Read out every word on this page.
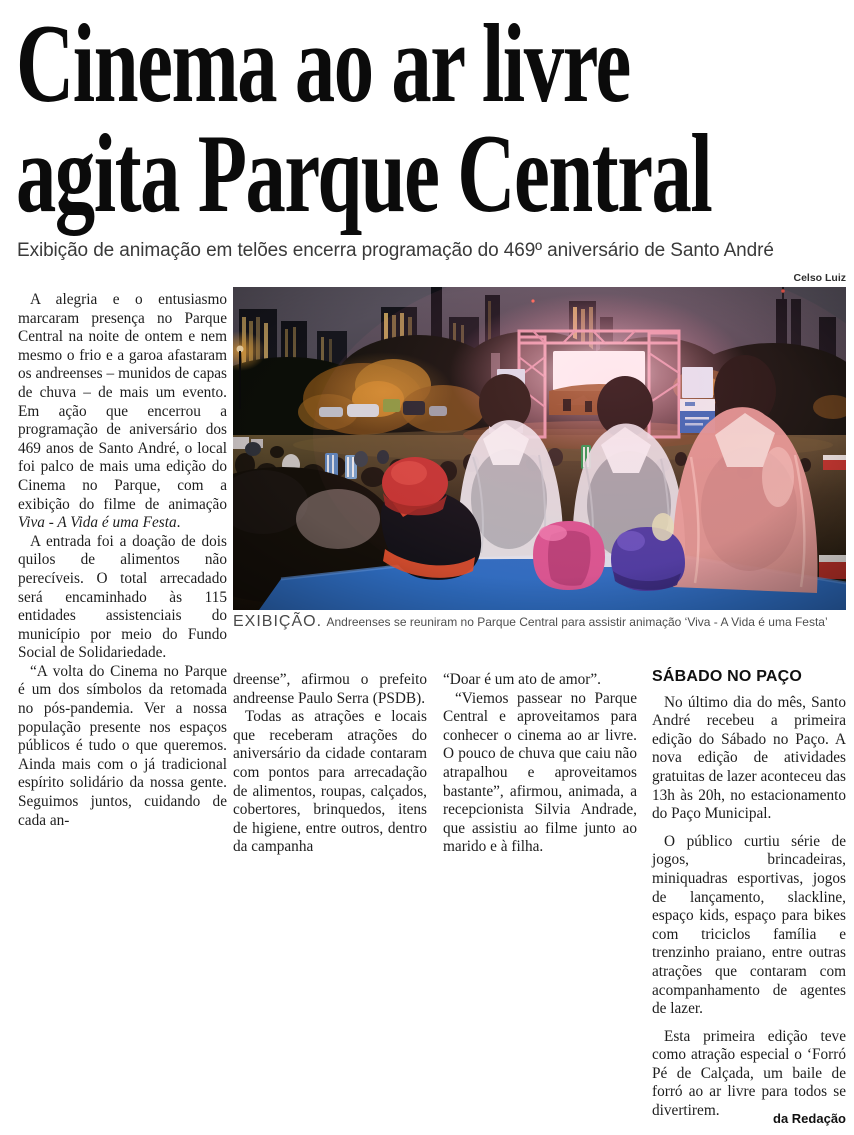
Cinema ao ar livre
agita Parque Central
Exibição de animação em telões encerra programação do 469º aniversário de Santo André
Celso Luiz
EXIBIÇÃO. Andreenses se reuniram no Parque Central para assistir animação ‘Viva - A Vida é uma Festa’

A alegria e o entusiasmo marcaram presença no Parque Central na noite de ontem e nem mesmo o frio e a garoa afastaram os andreenses – munidos de capas de chuva – de mais um evento. Em ação que encerrou a programação de aniversário dos 469 anos de Santo André, o local foi palco de mais uma edição do Cinema no Parque, com a exibição do filme de animação Viva - A Vida é uma Festa.

A entrada foi a doação de dois quilos de alimentos não perecíveis. O total arrecadado será encaminhado às 115 entidades assistenciais do município por meio do Fundo Social de Solidariedade.

“A volta do Cinema no Parque é um dos símbolos da retomada no pós-pandemia. Ver a nossa população presente nos espaços públicos é tudo o que queremos. Ainda mais com o já tradicional espírito solidário da nossa gente. Seguimos juntos, cuidando de cada an-

dreense”, afirmou o prefeito andreense Paulo Serra (PSDB).

Todas as atrações e locais que receberam atrações do aniversário da cidade contaram com pontos para arrecadação de alimentos, roupas, calçados, cobertores, brinquedos, itens de higiene, entre outros, dentro da campanha

“Doar é um ato de amor”.

“Viemos passear no Parque Central e aproveitamos para conhecer o cinema ao ar livre. O pouco de chuva que caiu não atrapalhou e aproveitamos bastante”, afirmou, animada, a recepcionista Silvia Andrade, que assistiu ao filme junto ao marido e à filha.

SÁBADO NO PAÇO

No último dia do mês, Santo André recebeu a primeira edição do Sábado no Paço. A nova edição de atividades gratuitas de lazer aconteceu das 13h às 20h, no estacionamento do Paço Municipal.

O público curtiu série de jogos, brincadeiras, miniquadras esportivas, jogos de lançamento, slackline, espaço kids, espaço para bikes com triciclos família e trenzinho praiano, entre outras atrações que contaram com acompanhamento de agentes de lazer.

Esta primeira edição teve como atração especial o ‘Forró Pé de Calçada, um baile de forró ao ar livre para todos se divertirem.	da Redação
